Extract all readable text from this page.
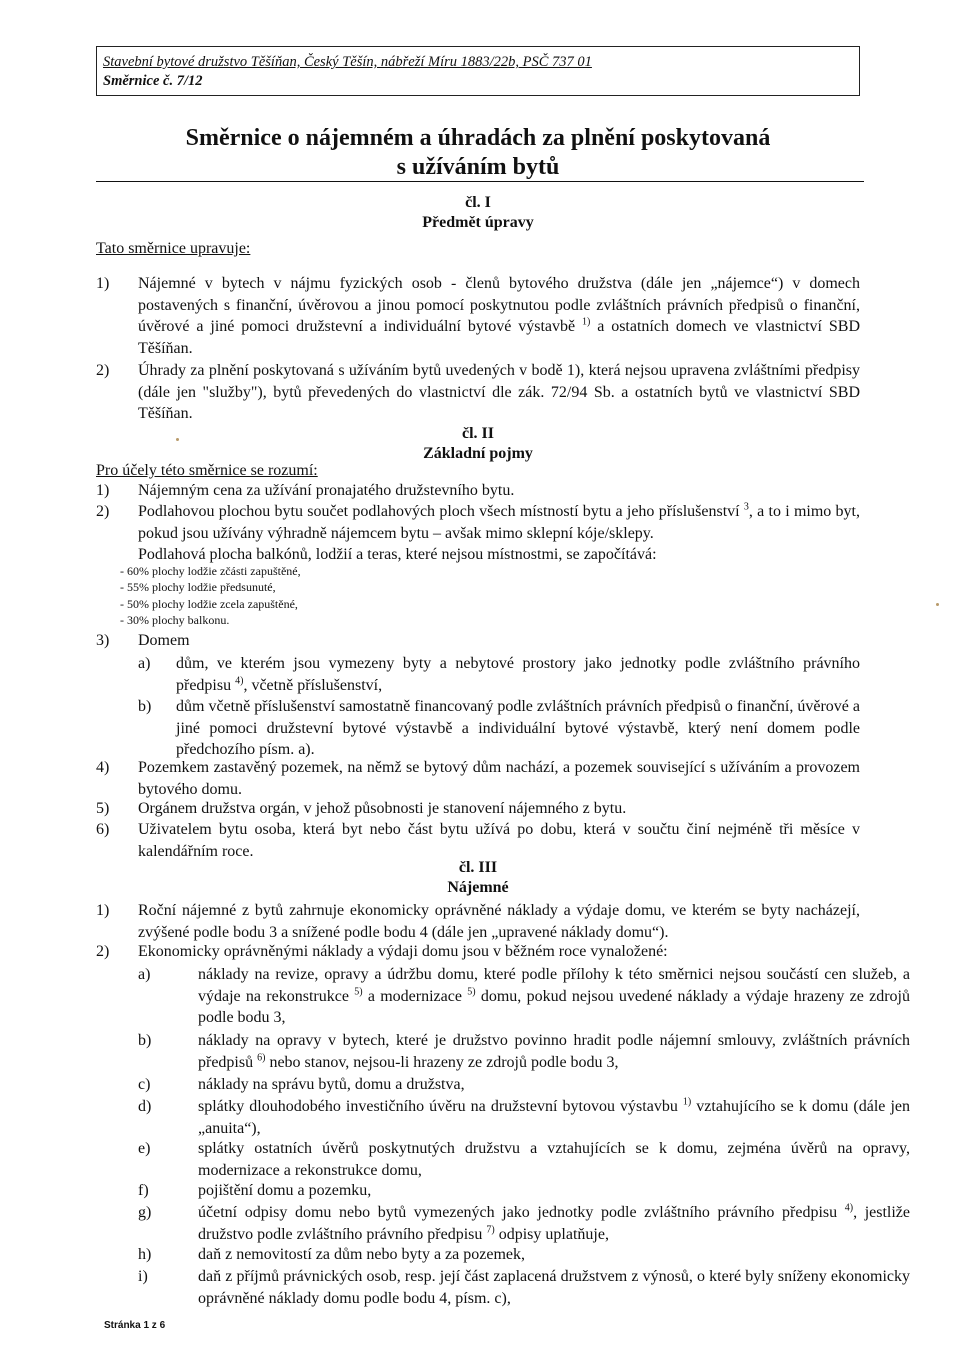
Stavební bytové družstvo Těšíňan, Český Těšín, nábřeží Míru 1883/22b, PSČ 737 01
Směrnice č. 7/12
Směrnice o nájemném a úhradách za plnění poskytovaná
s užíváním bytů
čl. I
Předmět úpravy
Tato směrnice upravuje:
1) Nájemné v bytech v nájmu fyzických osob - členů bytového družstva (dále jen „nájemce“) v domech postavených s finanční, úvěrovou a jinou pomocí poskytnutou podle zvláštních právních předpisů o finanční, úvěrové a jiné pomoci družstevní a individuální bytové výstavbě $^{1)}$ a ostatních domech ve vlastnictví SBD Těšíňan.
2) Úhrady za plnění poskytovaná s užíváním bytů uvedených v bodě 1), která nejsou upravena zvláštními předpisy (dále jen "služby"), bytů převedených do vlastnictví dle zák. 72/94 Sb. a ostatních bytů ve vlastnictví SBD Těšíňan.
čl. II
Základní pojmy
Pro účely této směrnice se rozumí:
1) Nájemným cena za užívání pronajatého družstevního bytu.
2) Podlahovou plochou bytu součet podlahových ploch všech místností bytu a jeho příslušenství $^3$, a to i mimo byt, pokud jsou užívány výhradně nájemcem bytu – avšak mimo sklepní kóje/sklepy.
Podlahová plocha balkónů, lodžií a teras, které nejsou místnostmi, se započítává:
- 60% plochy lodžie zčásti zapuštěné,
- 55% plochy lodžie předsunuté,
- 50% plochy lodžie zcela zapuštěné,
- 30% plochy balkonu.
3) Domem
a) dům, ve kterém jsou vymezeny byty a nebytové prostory jako jednotky podle zvláštního právního předpisu $^{4)}$, včetně příslušenství,
b) dům včetně příslušenství samostatně financovaný podle zvláštních právních předpisů o finanční, úvěrové a jiné pomoci družstevní bytové výstavbě a individuální bytové výstavbě, který není domem podle předchozího písm. a).
4) Pozemkem zastavěný pozemek, na němž se bytový dům nachází, a pozemek související s užíváním a provozem bytového domu.
5) Orgánem družstva orgán, v jehož působnosti je stanovení nájemného z bytu.
6) Uživatelem bytu osoba, která byt nebo část bytu užívá po dobu, která v součtu činí nejméně tři měsíce v kalendářním roce.
čl. III
Nájemné
1) Roční nájemné z bytů zahrnuje ekonomicky oprávněné náklady a výdaje domu, ve kterém se byty nacházejí, zvýšené podle bodu 3 a snížené podle bodu 4 (dále jen „upravené náklady domu“).
2) Ekonomicky oprávněnými náklady a výdaji domu jsou v běžném roce vynaložené:
a)	náklady na revize, opravy a údržbu domu, které podle přílohy k této směrnici nejsou součástí cen služeb, a výdaje na rekonstrukce $^{5)}$ a modernizace $^{5)}$ domu, pokud nejsou uvedené náklady a výdaje hrazeny ze zdrojů podle bodu 3,
b)	náklady na opravy v bytech, které je družstvo povinno hradit podle nájemní smlouvy, zvláštních právních předpisů $^{6)}$ nebo stanov, nejsou-li hrazeny ze zdrojů podle bodu 3,
c)	náklady na správu bytů, domu a družstva,
d)	splátky dlouhodobého investičního úvěru na družstevní bytovou výstavbu $^{1)}$ vztahujícího se k domu (dále jen „anuita“),
e)	splátky ostatních úvěrů poskytnutých družstvu a vztahujících se k domu, zejména úvěrů na opravy, modernizace a rekonstrukce domu,
f)	pojištění domu a pozemku,
g)	účetní odpisy domu nebo bytů vymezených jako jednotky podle zvláštního právního předpisu $^{4)}$, jestliže družstvo podle zvláštního právního předpisu $^{7)}$ odpisy uplatňuje,
h)	daň z nemovitostí za dům nebo byty a za pozemek,
i)	daň z příjmů právnických osob, resp. její část zaplacená družstvem z výnosů, o které byly sníženy ekonomicky oprávněné náklady domu podle bodu 4, písm. c),
Stránka 1 z 6
